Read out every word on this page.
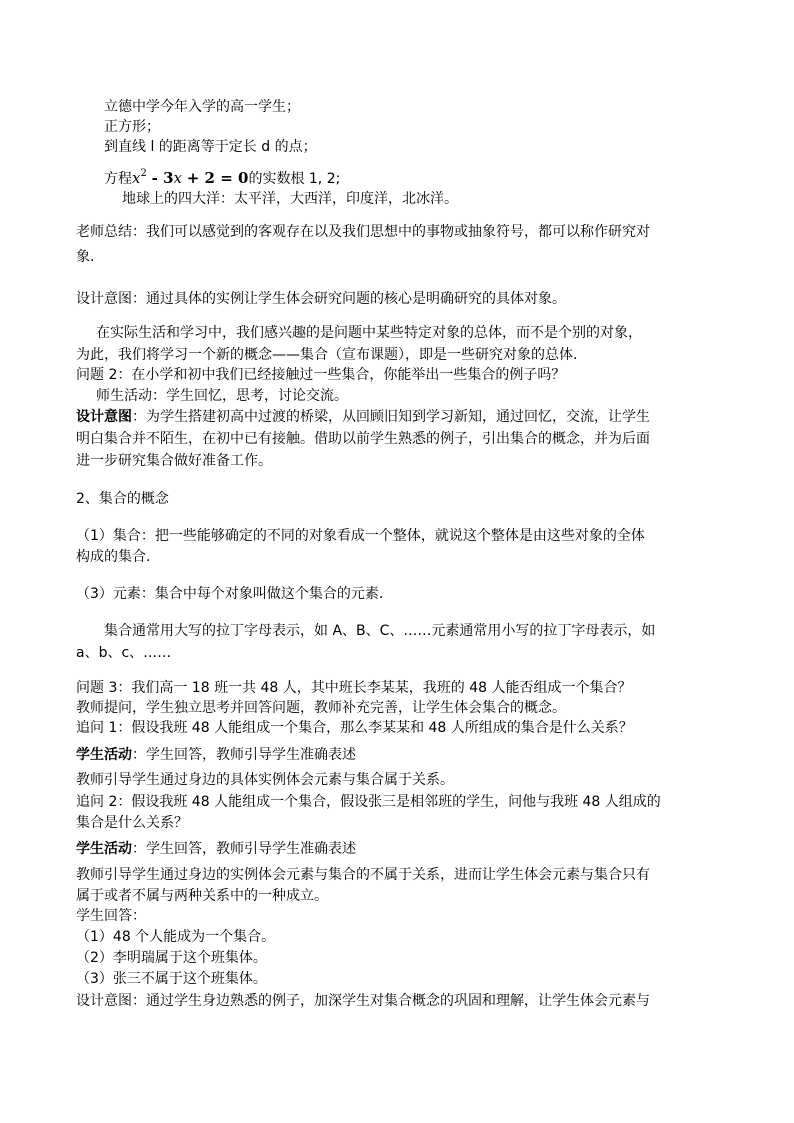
立德中学今年入学的高一学生；
正方形；
到直线 l 的距离等于定长 d 的点；
方程$x^2 - 3x + 2 = 0$的实数根 1, 2;
地球上的四大洋：太平洋，大西洋，印度洋，北冰洋。
老师总结：我们可以感觉到的客观存在以及我们思想中的事物或抽象符号，都可以称作研究对
象.
设计意图：通过具体的实例让学生体会研究问题的核心是明确研究的具体对象。
在实际生活和学习中，我们感兴趣的是问题中某些特定对象的总体，而不是个别的对象，
为此，我们将学习一个新的概念——集合（宣布课题），即是一些研究对象的总体.
问题 2：在小学和初中我们已经接触过一些集合，你能举出一些集合的例子吗？
师生活动：学生回忆，思考，讨论交流。
设计意图：为学生搭建初高中过渡的桥梁，从回顾旧知到学习新知，通过回忆，交流，让学生
明白集合并不陌生，在初中已有接触。借助以前学生熟悉的例子，引出集合的概念，并为后面
进一步研究集合做好准备工作。
2、集合的概念
（1）集合：把一些能够确定的不同的对象看成一个整体，就说这个整体是由这些对象的全体
构成的集合.
（3）元素：集合中每个对象叫做这个集合的元素.
集合通常用大写的拉丁字母表示，如 A、B、C、……元素通常用小写的拉丁字母表示，如
a、b、c、……
问题 3：我们高一 18 班一共 48 人，其中班长李某某，我班的 48 人能否组成一个集合？
教师提问，学生独立思考并回答问题，教师补充完善，让学生体会集合的概念。
追问 1：假设我班 48 人能组成一个集合，那么李某某和 48 人所组成的集合是什么关系？
学生活动：学生回答，教师引导学生准确表述
教师引导学生通过身边的具体实例体会元素与集合属于关系。
追问 2：假设我班 48 人能组成一个集合，假设张三是相邻班的学生，问他与我班 48 人组成的
集合是什么关系？
学生活动：学生回答，教师引导学生准确表述
教师引导学生通过身边的实例体会元素与集合的不属于关系，进而让学生体会元素与集合只有
属于或者不属与两种关系中的一种成立。
学生回答：
（1）48 个人能成为一个集合。
（2）李明瑞属于这个班集体。
（3）张三不属于这个班集体。
设计意图：通过学生身边熟悉的例子，加深学生对集合概念的巩固和理解，让学生体会元素与
